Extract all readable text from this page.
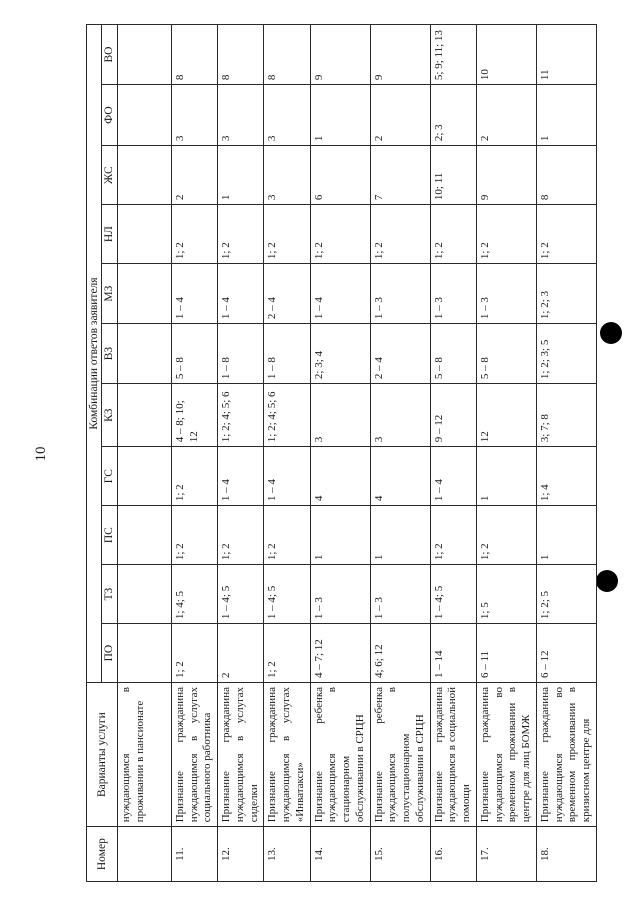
10
Номер	Варианты услуги	Комбинации ответов заявителя										
		ПО	ТЗ	ПС	ГС	КЗ	ВЗ	МЗ	НЛ	ЖС	ФО	ВО
	нуждающимся в проживании в пансионате											
11.	Признание гражданина нуждающимся в услугах социального работника	1; 2	1; 4; 5	1; 2	1; 2	4 – 8; 10; 12	5 – 8	1 – 4	1; 2	2	3	8
12.	Признание гражданина нуждающимся в услугах сиделки	2	1 – 4; 5	1; 2	1 – 4	1; 2; 4; 5; 6	1 – 8	1 – 4	1; 2	1	3	8
13.	Признание гражданина нуждающимся в услугах «Инватакси»	1; 2	1 – 4; 5	1; 2	1 – 4	1; 2; 4; 5; 6	1 – 8	2 – 4	1; 2	3	3	8
14.	Признание ребенка нуждающимся в стационарном обслуживании в СРЦН	4 – 7; 12	1 – 3	1	4	3	2; 3; 4	1 – 4	1; 2	6	1	9
15.	Признание ребенка нуждающимся в полустационарном обслуживании в СРЦН	4; 6; 12	1 – 3	1	4	3	2 – 4	1 – 3	1; 2	7	2	9
16.	Признание гражданина нуждающимся в социальной помощи	1 – 14	1 – 4; 5	1; 2	1 – 4	9 – 12	5 – 8	1 – 3	1; 2	10; 11	2; 3	5; 9; 11; 13
17.	Признание гражданина нуждающимся во временном проживании в центре для лиц БОМЖ	6 – 11	1; 5	1; 2	1	12	5 – 8	1 – 3	1; 2	9	2	10
18.	Признание гражданина нуждающимся во временном проживании в кризисном центре для	6 – 12	1; 2; 5	1	1; 4	3; 7; 8	1; 2; 3; 5	1; 2; 3	1; 2	8	1	11
